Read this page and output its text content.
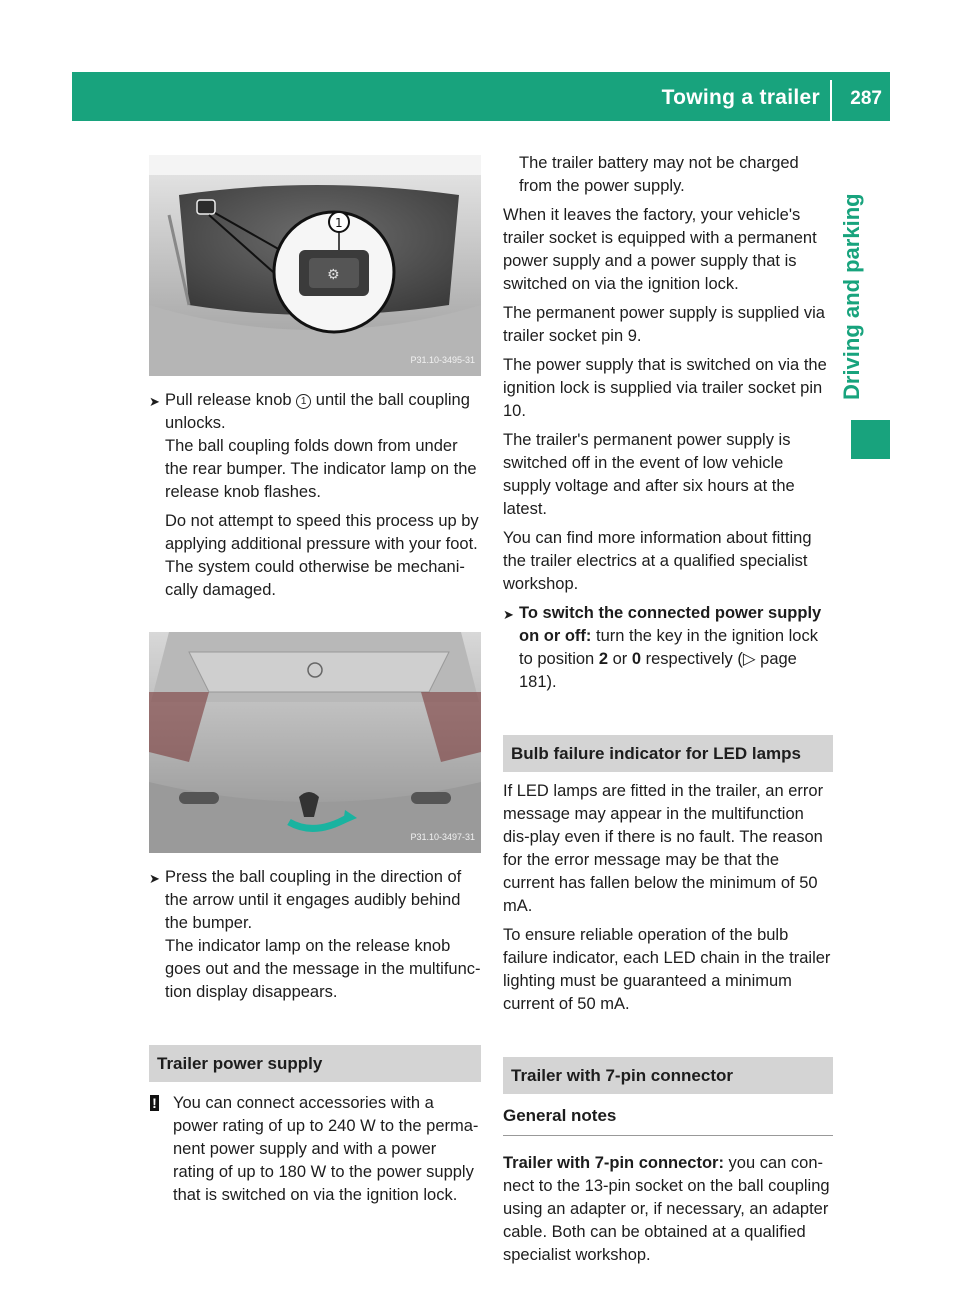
Towing a trailer 287
Driving and parking
⚙
1
P31.10-3495-31
➤ Pull release knob 1 until the ball coupling unlocks.

The ball coupling folds down from under the rear bumper. The indicator lamp on the release knob flashes.

Do not attempt to speed this process up by applying additional pressure with your foot. The system could otherwise be mechani-cally damaged.

P31.10-3497-31
➤ Press the ball coupling in the direction of the arrow until it engages audibly behind the bumper.

The indicator lamp on the release knob goes out and the message in the multifunc-tion display disappears.

Trailer power supply
! You can connect accessories with a power rating of up to 240 W to the perma-nent power supply and with a power rating of up to 180 W to the power supply that is switched on via the ignition lock.

The trailer battery may not be charged from the power supply.

When it leaves the factory, your vehicle's trailer socket is equipped with a permanent power supply and a power supply that is switched on via the ignition lock.

The permanent power supply is supplied via trailer socket pin 9.

The power supply that is switched on via the ignition lock is supplied via trailer socket pin 10.

The trailer's permanent power supply is switched off in the event of low vehicle supply voltage and after six hours at the latest.

You can find more information about fitting the trailer electrics at a qualified specialist workshop.

➤ To switch the connected power supply on or off: turn the key in the ignition lock to position 2 or 0 respectively (▷ page 181).

Bulb failure indicator for LED lamps

If LED lamps are fitted in the trailer, an error message may appear in the multifunction dis-play even if there is no fault. The reason for the error message may be that the current has fallen below the minimum of 50 mA.

To ensure reliable operation of the bulb failure indicator, each LED chain in the trailer lighting must be guaranteed a minimum current of 50 mA.

Trailer with 7-pin connector
General notes

Trailer with 7-pin connector: you can con-nect to the 13-pin socket on the ball coupling using an adapter or, if necessary, an adapter cable. Both can be obtained at a qualified specialist workshop.
